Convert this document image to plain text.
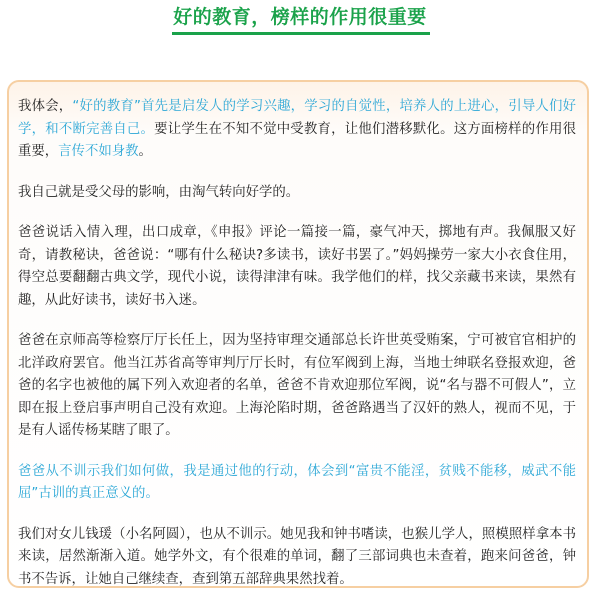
好的教育，榜样的作用很重要

我体会，“好的教育”首先是启发人的学习兴趣，学习的自觉性，培养人的上进心，引导人们好学，和不断完善自己。要让学生在不知不觉中受教育，让他们潜移默化。这方面榜样的作用很重要，言传不如身教。

我自己就是受父母的影响，由淘气转向好学的。

爸爸说话入情入理，出口成章，《申报》评论一篇接一篇，豪气冲天，掷地有声。我佩服又好奇，请教秘诀，爸爸说：“哪有什么秘诀?多读书，读好书罢了。”妈妈操劳一家大小衣食住用，得空总要翻翻古典文学，现代小说，读得津津有味。我学他们的样，找父亲藏书来读，果然有趣，从此好读书，读好书入迷。

爸爸在京师高等检察厅厅长任上，因为坚持审理交通部总长许世英受贿案，宁可被官官相护的北洋政府罢官。他当江苏省高等审判厅厅长时，有位军阀到上海，当地士绅联名登报欢迎，爸爸的名字也被他的属下列入欢迎者的名单，爸爸不肯欢迎那位军阀，说“名与器不可假人”，立即在报上登启事声明自己没有欢迎。上海沦陷时期，爸爸路遇当了汉奸的熟人，视而不见，于是有人谣传杨某瞎了眼了。

爸爸从不训示我们如何做，我是通过他的行动，体会到“富贵不能淫，贫贱不能移，威武不能屈”古训的真正意义的。

我们对女儿钱瑗（小名阿圆），也从不训示。她见我和钟书嗜读，也猴儿学人，照模照样拿本书来读，居然渐渐入道。她学外文，有个很难的单词，翻了三部词典也未查着，跑来问爸爸，钟书不告诉，让她自己继续查，查到第五部辞典果然找着。
